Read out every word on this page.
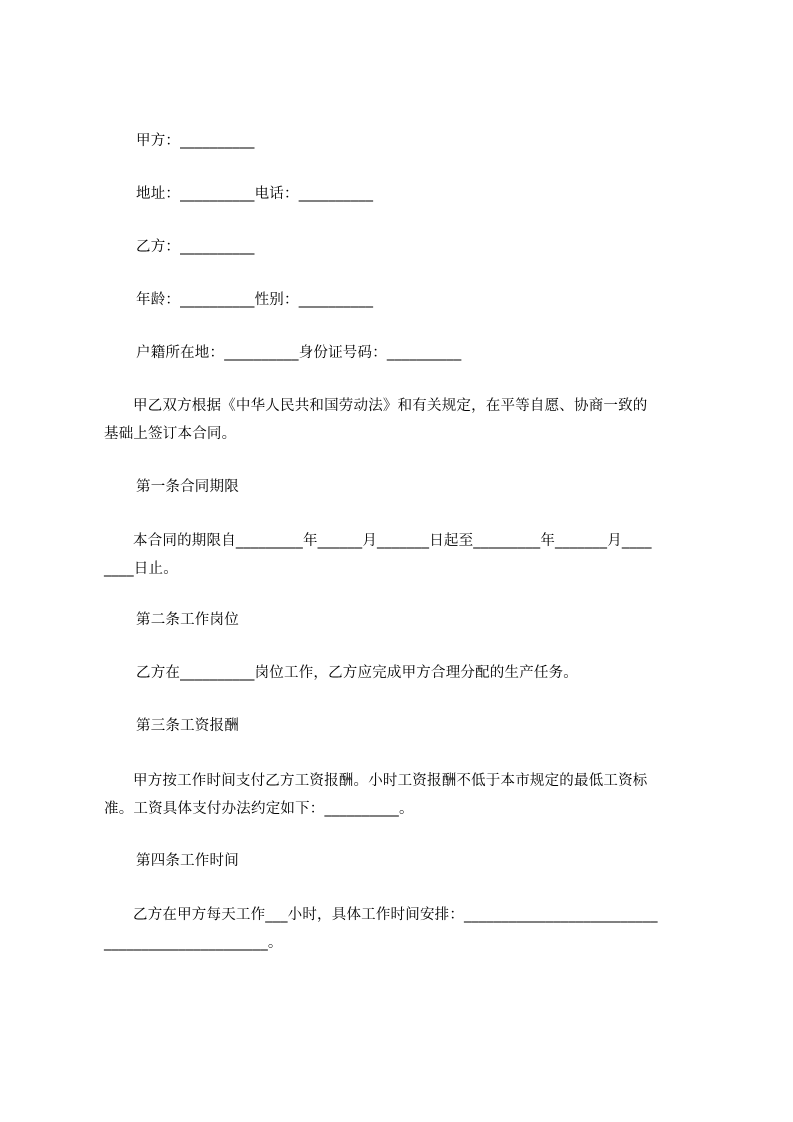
甲方：__________
地址：__________电话：__________
乙方：__________
年龄：__________性别：__________
户籍所在地：__________身份证号码：__________
甲乙双方根据《中华人民共和国劳动法》和有关规定，在平等自愿、协商一致的
基础上签订本合同。
第一条合同期限
本合同的期限自_________年______月_______日起至_________年_______月____
____日止。
第二条工作岗位
乙方在__________岗位工作，乙方应完成甲方合理分配的生产任务。
第三条工资报酬
甲方按工作时间支付乙方工资报酬。小时工资报酬不低于本市规定的最低工资标
准。工资具体支付办法约定如下：__________。
第四条工作时间
乙方在甲方每天工作___小时，具体工作时间安排：__________________________
______________________。
